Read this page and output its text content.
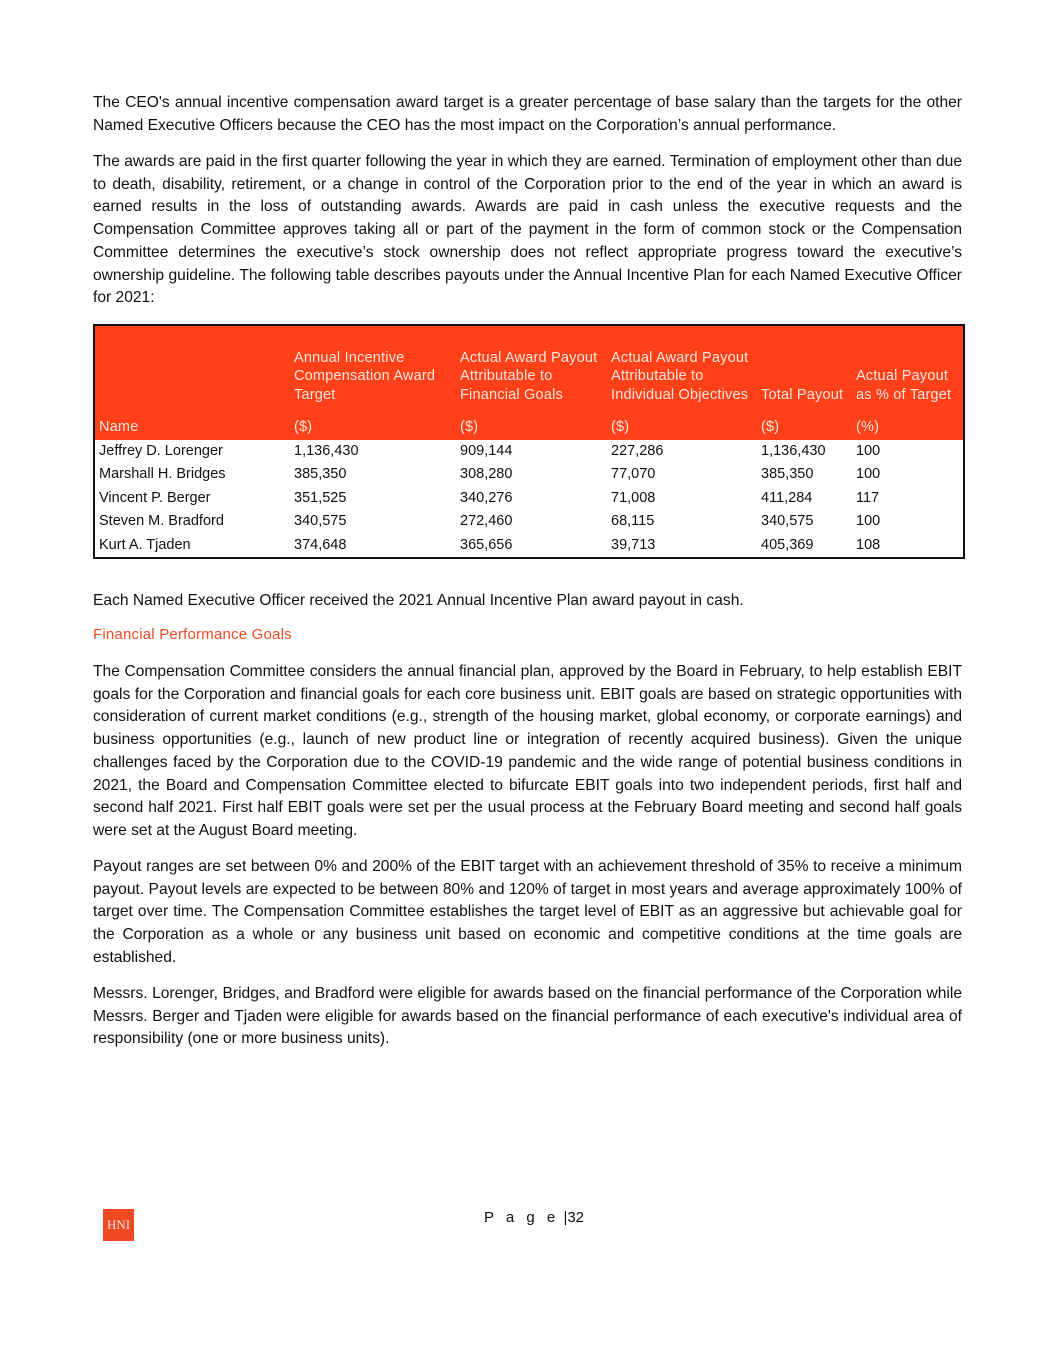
The CEO's annual incentive compensation award target is a greater percentage of base salary than the targets for the other Named Executive Officers because the CEO has the most impact on the Corporation’s annual performance.

The awards are paid in the first quarter following the year in which they are earned. Termination of employment other than due to death, disability, retirement, or a change in control of the Corporation prior to the end of the year in which an award is earned results in the loss of outstanding awards. Awards are paid in cash unless the executive requests and the Compensation Committee approves taking all or part of the payment in the form of common stock or the Compensation Committee determines the executive’s stock ownership does not reflect appropriate progress toward the executive’s ownership guideline. The following table describes payouts under the Annual Incentive Plan for each Named Executive Officer for 2021:

	Annual Incentive Compensation Award Target	Actual Award Payout Attributable to Financial Goals	Actual Award Payout Attributable to Individual Objectives	Total Payout	Actual Payout as % of Target
Name	($)	($)	($)	($)	(%)
Jeffrey D. Lorenger	1,136,430	909,144	227,286	1,136,430	100
Marshall H. Bridges	385,350	308,280	77,070	385,350	100
Vincent P. Berger	351,525	340,276	71,008	411,284	117
Steven M. Bradford	340,575	272,460	68,115	340,575	100
Kurt A. Tjaden	374,648	365,656	39,713	405,369	108

Each Named Executive Officer received the 2021 Annual Incentive Plan award payout in cash.

Financial Performance Goals

The Compensation Committee considers the annual financial plan, approved by the Board in February, to help establish EBIT goals for the Corporation and financial goals for each core business unit. EBIT goals are based on strategic opportunities with consideration of current market conditions (e.g., strength of the housing market, global economy, or corporate earnings) and business opportunities (e.g., launch of new product line or integration of recently acquired business). Given the unique challenges faced by the Corporation due to the COVID-19 pandemic and the wide range of potential business conditions in 2021, the Board and Compensation Committee elected to bifurcate EBIT goals into two independent periods, first half and second half 2021. First half EBIT goals were set per the usual process at the February Board meeting and second half goals were set at the August Board meeting.

Payout ranges are set between 0% and 200% of the EBIT target with an achievement threshold of 35% to receive a minimum payout. Payout levels are expected to be between 80% and 120% of target in most years and average approximately 100% of target over time. The Compensation Committee establishes the target level of EBIT as an aggressive but achievable goal for the Corporation as a whole or any business unit based on economic and competitive conditions at the time goals are established.

Messrs. Lorenger, Bridges, and Bradford were eligible for awards based on the financial performance of the Corporation while Messrs. Berger and Tjaden were eligible for awards based on the financial performance of each executive's individual area of responsibility (one or more business units).

HNI	P a g e |32
